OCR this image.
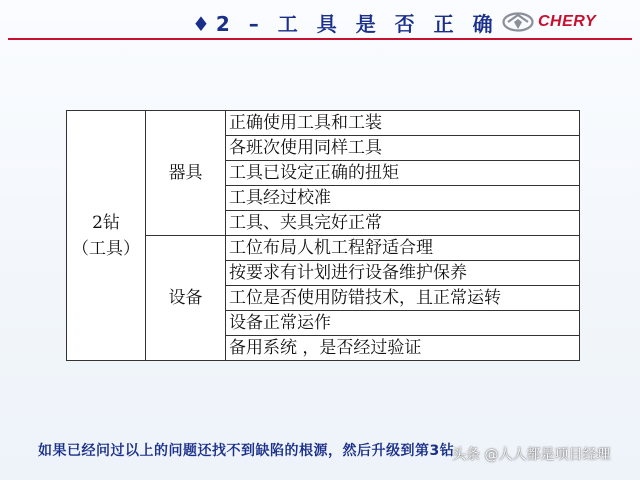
♦2 – 工 具 是 否 正 确 CHERY
2钻
（工具）	器具	正确使用工具和工装
		各班次使用同样工具
		工具已设定正确的扭矩
		工具经过校准
		工具、夹具完好正常
	设备	工位布局人机工程舒适合理
		按要求有计划进行设备维护保养
		工位是否使用防错技术，且正常运转
		设备正常运作
		备用系统 ，是否经过验证
如果已经问过以上的问题还找不到缺陷的根源，然后升级到第3钻
头条 @人人都是项目经理
